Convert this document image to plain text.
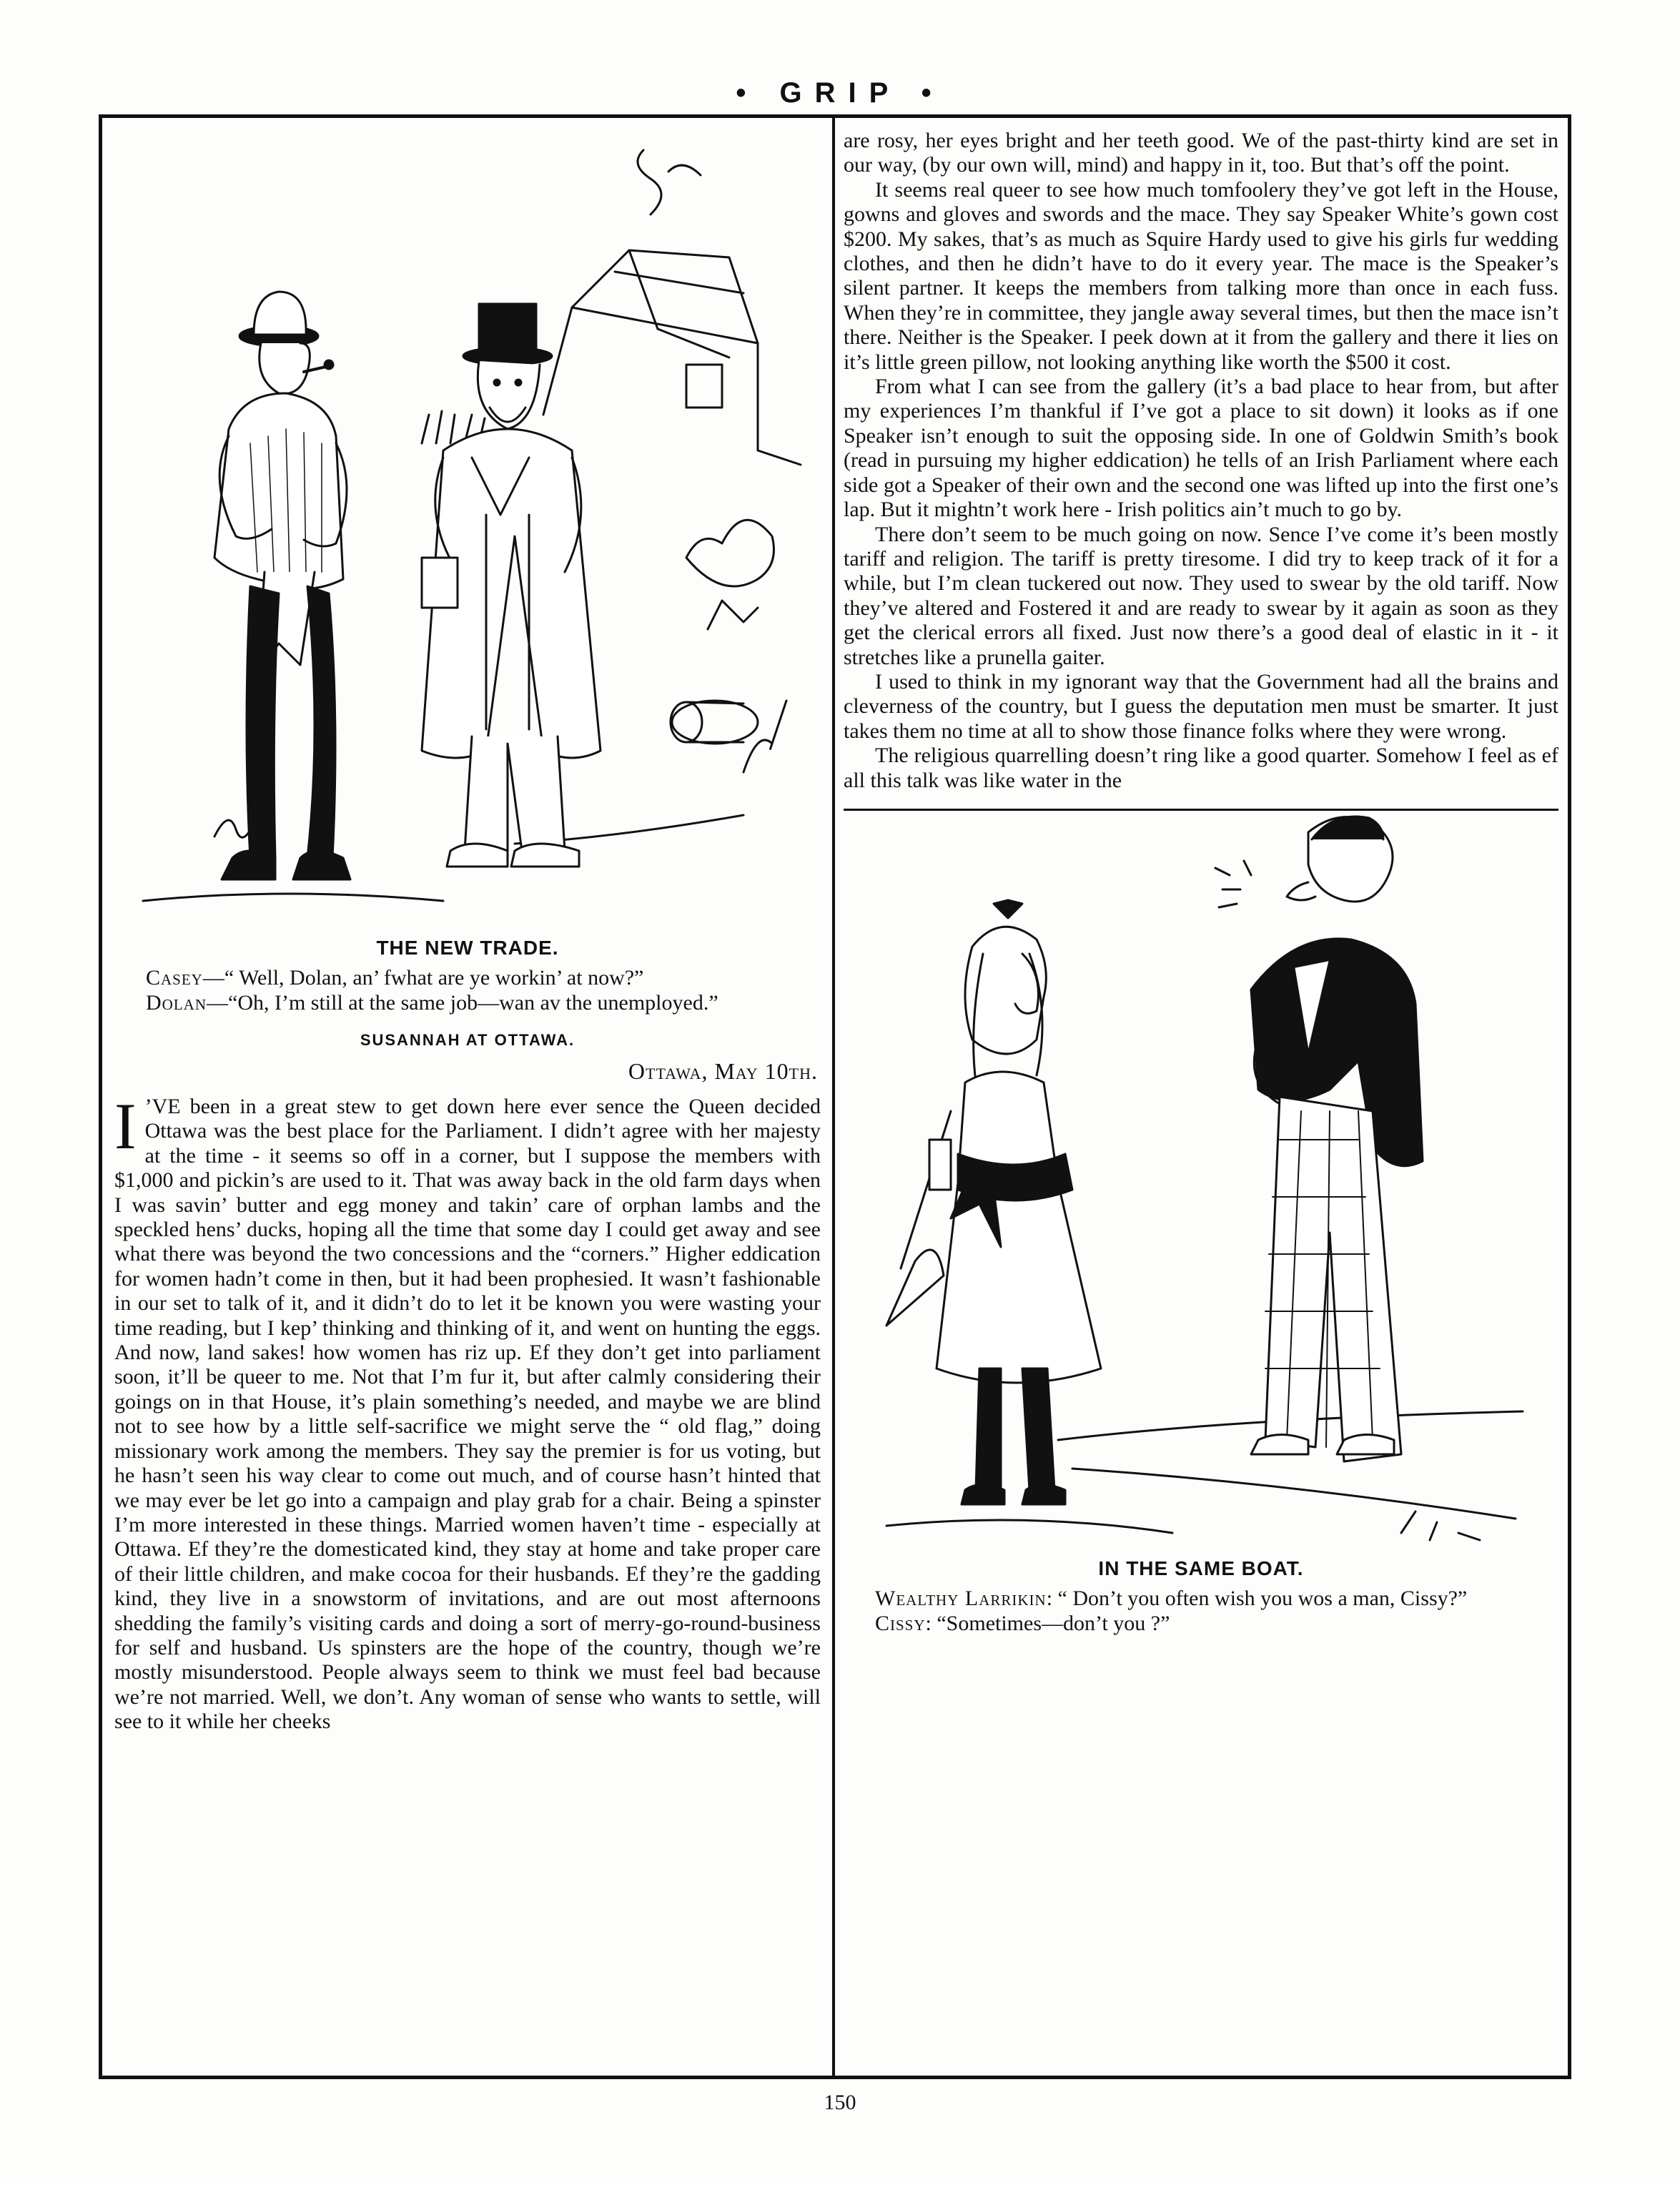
• GRIP •
THE NEW TRADE.

Casey—“ Well, Dolan, an’ fwhat are ye workin’ at now?”

Dolan—“Oh, I’m still at the same job—wan av the unemployed.”

SUSANNAH AT OTTAWA.
Ottawa, May 10th.

I ’VE been in a great stew to get down here ever sence the Queen decided Ottawa was the best place for the Parliament. I didn’t agree with her majesty at the time - it seems so off in a corner, but I suppose the members with $1,000 and pickin’s are used to it. That was away back in the old farm days when I was savin’ butter and egg money and takin’ care of orphan lambs and the speckled hens’ ducks, hoping all the time that some day I could get away and see what there was beyond the two concessions and the “corners.” Higher eddication for women hadn’t come in then, but it had been prophesied. It wasn’t fashionable in our set to talk of it, and it didn’t do to let it be known you were wasting your time reading, but I kep’ thinking and thinking of it, and went on hunting the eggs. And now, land sakes! how women has riz up. Ef they don’t get into parliament soon, it’ll be queer to me. Not that I’m fur it, but after calmly considering their goings on in that House, it’s plain something’s needed, and maybe we are blind not to see how by a little self-sacrifice we might serve the “ old flag,” doing missionary work among the members. They say the premier is for us voting, but he hasn’t seen his way clear to come out much, and of course hasn’t hinted that we may ever be let go into a campaign and play grab for a chair. Being a spinster I’m more interested in these things. Married women haven’t time - especially at Ottawa. Ef they’re the domesticated kind, they stay at home and take proper care of their little children, and make cocoa for their husbands. Ef they’re the gadding kind, they live in a snowstorm of invitations, and are out most afternoons shedding the family’s visiting cards and doing a sort of merry-go-round-business for self and husband. Us spinsters are the hope of the country, though we’re mostly misunderstood. People always seem to think we must feel bad because we’re not married. Well, we don’t. Any woman of sense who wants to settle, will see to it while her cheeks

are rosy, her eyes bright and her teeth good. We of the past-thirty kind are set in our way, (by our own will, mind) and happy in it, too. But that’s off the point.

It seems real queer to see how much tomfoolery they’ve got left in the House, gowns and gloves and swords and the mace. They say Speaker White’s gown cost $200. My sakes, that’s as much as Squire Hardy used to give his girls fur wedding clothes, and then he didn’t have to do it every year. The mace is the Speaker’s silent partner. It keeps the members from talking more than once in each fuss. When they’re in committee, they jangle away several times, but then the mace isn’t there. Neither is the Speaker. I peek down at it from the gallery and there it lies on it’s little green pillow, not looking anything like worth the $500 it cost.

From what I can see from the gallery (it’s a bad place to hear from, but after my experiences I’m thankful if I’ve got a place to sit down) it looks as if one Speaker isn’t enough to suit the opposing side. In one of Goldwin Smith’s book (read in pursuing my higher eddication) he tells of an Irish Parliament where each side got a Speaker of their own and the second one was lifted up into the first one’s lap. But it mightn’t work here - Irish politics ain’t much to go by.

There don’t seem to be much going on now. Sence I’ve come it’s been mostly tariff and religion. The tariff is pretty tiresome. I did try to keep track of it for a while, but I’m clean tuckered out now. They used to swear by the old tariff. Now they’ve altered and Fostered it and are ready to swear by it again as soon as they get the clerical errors all fixed. Just now there’s a good deal of elastic in it - it stretches like a prunella gaiter.

I used to think in my ignorant way that the Government had all the brains and cleverness of the country, but I guess the deputation men must be smarter. It just takes them no time at all to show those finance folks where they were wrong.

The religious quarrelling doesn’t ring like a good quarter. Somehow I feel as ef all this talk was like water in the

IN THE SAME BOAT.

Wealthy Larrikin: “ Don’t you often wish you wos a man, Cissy?”

Cissy: “Sometimes—don’t you ?”

150
